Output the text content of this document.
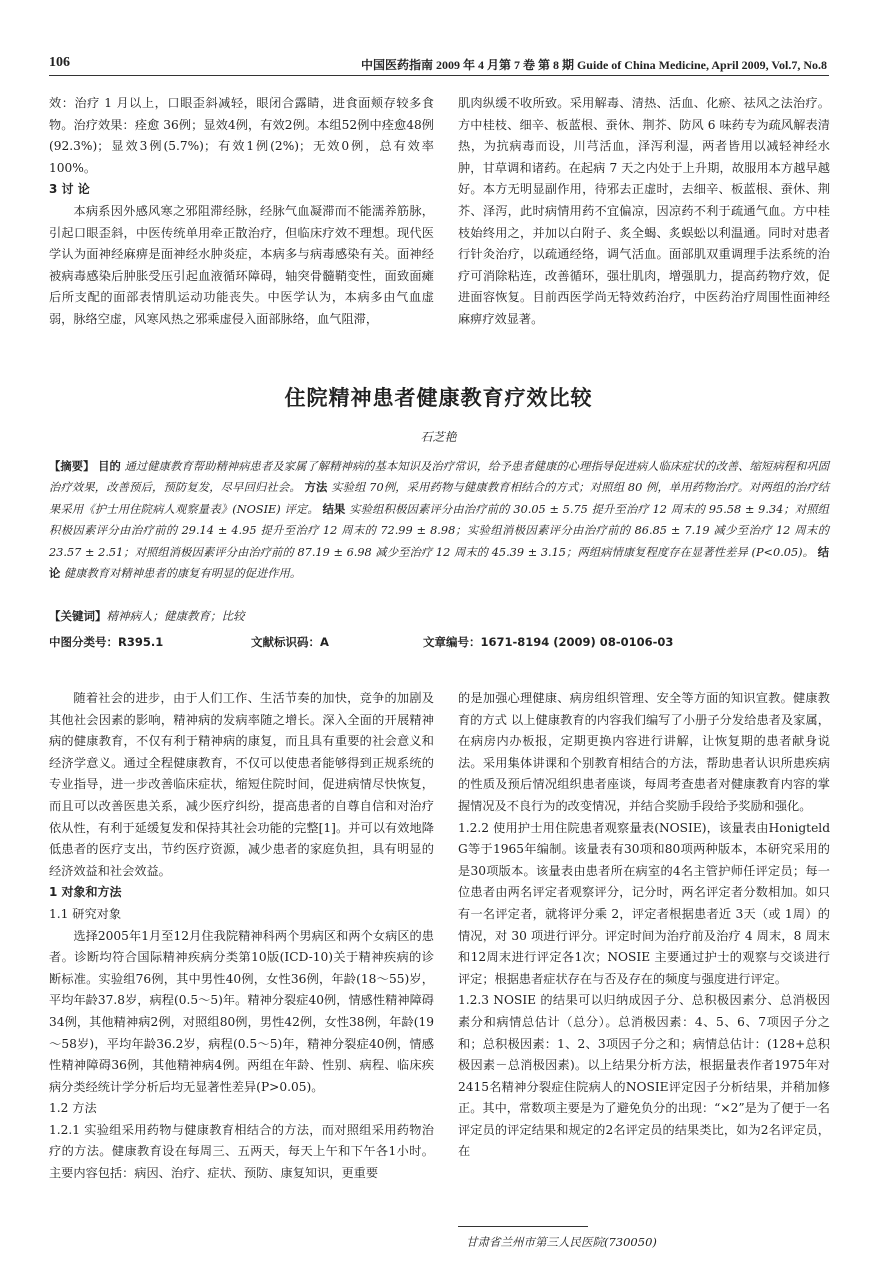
106	中国医药指南 2009 年 4 月第 7 卷 第 8 期 Guide of China Medicine, April 2009, Vol.7, No.8

效：治疗 1 月以上，口眼歪斜减轻，眼闭合露睛，进食面颊存较多食物。治疗效果：痊愈 36例；显效4例，有效2例。本组52例中痊愈48例(92.3%)；显效3例(5.7%)；有效1例(2%)；无效0例，总有效率100%。

3 讨 论

本病系因外感风寒之邪阻滞经脉，经脉气血凝滞而不能濡养筋脉，引起口眼歪斜，中医传统单用牵正散治疗，但临床疗效不理想。现代医学认为面神经麻痹是面神经水肿炎症，本病多与病毒感染有关。面神经被病毒感染后肿胀受压引起血液循环障碍，轴突骨髓鞘变性，面致面瘫后所支配的面部表情肌运动功能丧失。中医学认为，本病多由气血虚弱，脉络空虚，风寒风热之邪乘虚侵入面部脉络，血气阻滞，

肌肉纵缓不收所致。采用解毒、清热、活血、化瘀、祛风之法治疗。方中桂枝、细辛、板蓝根、蚕休、荆芥、防风 6 味药专为疏风解表清热，为抗病毒而设，川芎活血，泽泻利湿，两者皆用以减轻神经水肿，甘草调和诸药。在起病 7 天之内处于上升期，故服用本方越早越好。本方无明显副作用，待邪去正虚时，去细辛、板蓝根、蚕休、荆芥、泽泻，此时病情用药不宜偏凉，因凉药不利于疏通气血。方中桂枝始终用之，并加以白附子、炙全蝎、炙蜈蚣以利温通。同时对患者行针灸治疗，以疏通经络，调气活血。面部肌双重调理手法系统的治疗可消除粘连，改善循环，强壮肌肉，增强肌力，提高药物疗效，促进面容恢复。目前西医学尚无特效药治疗，中医药治疗周围性面神经麻痹疗效显著。

住院精神患者健康教育疗效比较
石芝艳
【摘要】 目的 通过健康教育帮助精神病患者及家属了解精神病的基本知识及治疗常识，给予患者健康的心理指导促进病人临床症状的改善、缩短病程和巩固治疗效果，改善预后，预防复发，尽早回归社会。 方法 实验组 70例，采用药物与健康教育相结合的方式；对照组 80 例，单用药物治疗。对两组的治疗结果采用《护士用住院病人观察量表》(NOSIE) 评定。 结果 实验组积极因素评分由治疗前的 30.05 ± 5.75 提升至治疗 12 周末的 95.58 ± 9.34；对照组积极因素评分由治疗前的 29.14 ± 4.95 提升至治疗 12 周末的 72.99 ± 8.98；实验组消极因素评分由治疗前的 86.85 ± 7.19 减少至治疗 12 周末的 23.57 ± 2.51；对照组消极因素评分由治疗前的 87.19 ± 6.98 减少至治疗 12 周末的 45.39 ± 3.15；两组病情康复程度存在显著性差异 (P<0.05)。 结论 健康教育对精神患者的康复有明显的促进作用。
【关键词】精神病人；健康教育；比较
中图分类号：R395.1	文献标识码：A	文章编号：1671-8194 (2009) 08-0106-03

随着社会的进步，由于人们工作、生活节奏的加快，竞争的加剧及其他社会因素的影响，精神病的发病率随之增长。深入全面的开展精神病的健康教育，不仅有利于精神病的康复，而且具有重要的社会意义和经济学意义。通过全程健康教育，不仅可以使患者能够得到正规系统的专业指导，进一步改善临床症状，缩短住院时间，促进病情尽快恢复，而且可以改善医患关系，减少医疗纠纷，提高患者的自尊自信和对治疗依从性，有利于延缓复发和保持其社会功能的完整[1]。并可以有效地降低患者的医疗支出，节约医疗资源，减少患者的家庭负担，具有明显的经济效益和社会效益。

1 对象和方法

1.1 研究对象

选择2005年1月至12月住我院精神科两个男病区和两个女病区的患者。诊断均符合国际精神疾病分类第10版(ICD-10)关于精神疾病的诊断标准。实验组76例，其中男性40例，女性36例，年龄(18～55)岁，平均年龄37.8岁，病程(0.5～5)年。精神分裂症40例，情感性精神障碍34例，其他精神病2例，对照组80例，男性42例，女性38例，年龄(19～58岁)，平均年龄36.2岁，病程(0.5～5)年，精神分裂症40例，情感性精神障碍36例，其他精神病4例。两组在年龄、性别、病程、临床疾病分类经统计学分析后均无显著性差异(P>0.05)。

1.2 方法

1.2.1 实验组采用药物与健康教育相结合的方法，而对照组采用药物治疗的方法。健康教育设在每周三、五两天，每天上午和下午各1小时。主要内容包括：病因、治疗、症状、预防、康复知识，更重要

的是加强心理健康、病房组织管理、安全等方面的知识宣教。健康教育的方式 以上健康教育的内容我们编写了小册子分发给患者及家属，在病房内办板报，定期更换内容进行讲解，让恢复期的患者献身说法。采用集体讲课和个别教育相结合的方法，帮助患者认识所患疾病的性质及预后情况组织患者座谈，每周考查患者对健康教育内容的掌握情况及不良行为的改变情况，并结合奖励手段给予奖励和强化。

1.2.2 使用护士用住院患者观察量表(NOSIE)，该量表由Honigteld G等于1965年编制。该量表有30项和80项两种版本，本研究采用的是30项版本。该量表由患者所在病室的4名主管护师任评定员；每一位患者由两名评定者观察评分，记分时，两名评定者分数相加。如只有一名评定者，就将评分乘 2，评定者根据患者近 3天（或 1周）的情况，对 30 项进行评分。评定时间为治疗前及治疗 4 周末，8 周末和12周末进行评定各1次；NOSIE 主要通过护士的观察与交谈进行评定；根据患者症状存在与否及存在的频度与强度进行评定。

1.2.3 NOSIE 的结果可以归纳成因子分、总积极因素分、总消极因素分和病情总估计（总分）。总消极因素：4、5、6、7项因子分之和；总积极因素：1、2、3项因子分之和；病情总估计：(128+总积极因素－总消极因素)。以上结果分析方法，根据量表作者1975年对2415名精神分裂症住院病人的NOSIE评定因子分析结果，并稍加修正。其中，常数项主要是为了避免负分的出现：“×2”是为了便于一名评定员的评定结果和规定的2名评定员的结果类比，如为2名评定员，在

甘肃省兰州市第三人民医院(730050)
